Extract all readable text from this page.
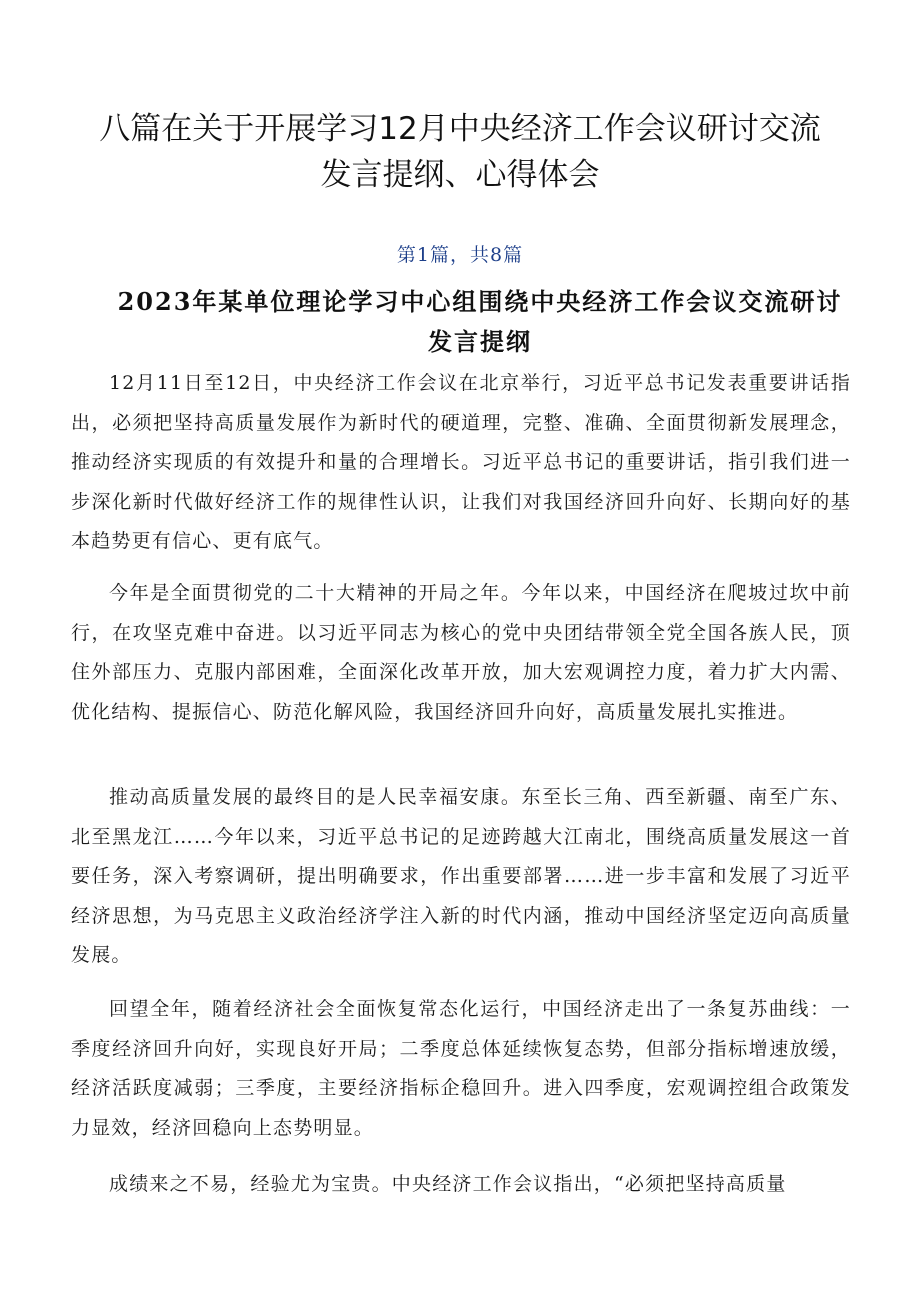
八篇在关于开展学习12月中央经济工作会议研讨交流
发言提纲、心得体会
第1篇，共8篇
2023年某单位理论学习中心组围绕中央经济工作会议交流研讨
发言提纲

12月11日至12日，中央经济工作会议在北京举行，习近平总书记发表重要讲话指出，必须把坚持高质量发展作为新时代的硬道理，完整、准确、全面贯彻新发展理念，推动经济实现质的有效提升和量的合理增长。习近平总书记的重要讲话，指引我们进一步深化新时代做好经济工作的规律性认识，让我们对我国经济回升向好、长期向好的基本趋势更有信心、更有底气。

今年是全面贯彻党的二十大精神的开局之年。今年以来，中国经济在爬坡过坎中前行，在攻坚克难中奋进。以习近平同志为核心的党中央团结带领全党全国各族人民，顶住外部压力、克服内部困难，全面深化改革开放，加大宏观调控力度，着力扩大内需、优化结构、提振信心、防范化解风险，我国经济回升向好，高质量发展扎实推进。

推动高质量发展的最终目的是人民幸福安康。东至长三角、西至新疆、南至广东、北至黑龙江……今年以来，习近平总书记的足迹跨越大江南北，围绕高质量发展这一首要任务，深入考察调研，提出明确要求，作出重要部署……进一步丰富和发展了习近平经济思想，为马克思主义政治经济学注入新的时代内涵，推动中国经济坚定迈向高质量发展。

回望全年，随着经济社会全面恢复常态化运行，中国经济走出了一条复苏曲线：一季度经济回升向好，实现良好开局；二季度总体延续恢复态势，但部分指标增速放缓，经济活跃度减弱；三季度，主要经济指标企稳回升。进入四季度，宏观调控组合政策发力显效，经济回稳向上态势明显。

成绩来之不易，经验尤为宝贵。中央经济工作会议指出，“必须把坚持高质量
